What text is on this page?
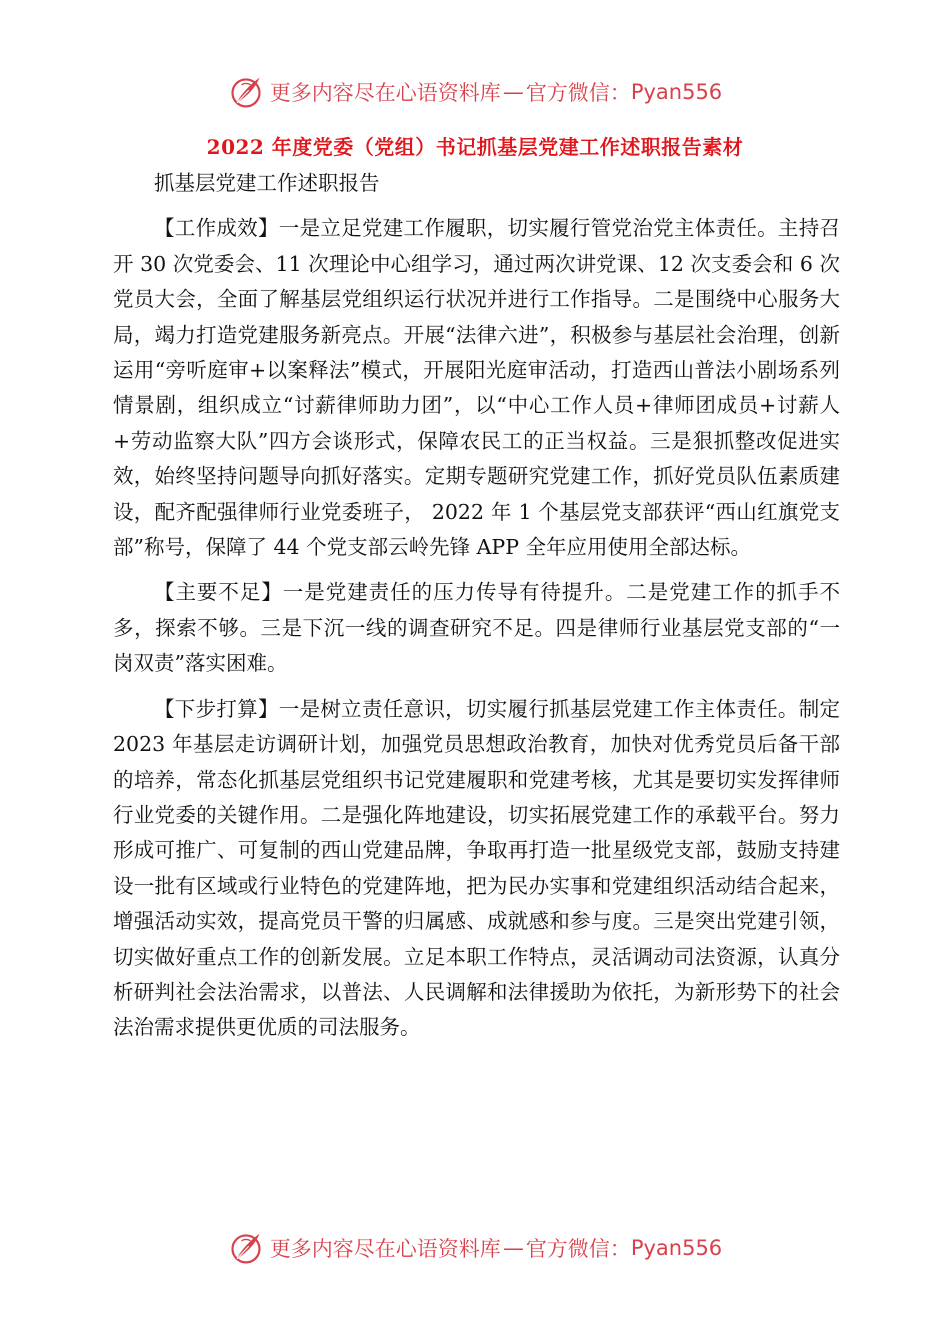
更多内容尽在心语资料库 — 官方微信： Pyan556
2022 年度党委（党组）书记抓基层党建工作述职报告素材

抓基层党建工作述职报告

【工作成效】一是立足党建工作履职，切实履行管党治党主体责任。主持召开 30 次党委会、11 次理论中心组学习，通过两次讲党课、12 次支委会和 6 次党员大会，全面了解基层党组织运行状况并进行工作指导。二是围绕中心服务大局，竭力打造党建服务新亮点。开展“法律六进”，积极参与基层社会治理，创新运用“旁听庭审+以案释法”模式，开展阳光庭审活动，打造西山普法小剧场系列情景剧，组织成立“讨薪律师助力团”，以“中心工作人员+律师团成员+讨薪人+劳动监察大队”四方会谈形式，保障农民工的正当权益。三是狠抓整改促进实效，始终坚持问题导向抓好落实。定期专题研究党建工作，抓好党员队伍素质建设，配齐配强律师行业党委班子， 2022 年 1 个基层党支部获评“西山红旗党支部”称号，保障了 44 个党支部云岭先锋 APP 全年应用使用全部达标。

【主要不足】一是党建责任的压力传导有待提升。二是党建工作的抓手不多，探索不够。三是下沉一线的调查研究不足。四是律师行业基层党支部的“一岗双责”落实困难。

【下步打算】一是树立责任意识，切实履行抓基层党建工作主体责任。制定 2023 年基层走访调研计划，加强党员思想政治教育，加快对优秀党员后备干部的培养，常态化抓基层党组织书记党建履职和党建考核，尤其是要切实发挥律师行业党委的关键作用。二是强化阵地建设，切实拓展党建工作的承载平台。努力形成可推广、可复制的西山党建品牌，争取再打造一批星级党支部，鼓励支持建设一批有区域或行业特色的党建阵地，把为民办实事和党建组织活动结合起来，增强活动实效，提高党员干警的归属感、成就感和参与度。三是突出党建引领，切实做好重点工作的创新发展。立足本职工作特点，灵活调动司法资源，认真分析研判社会法治需求，以普法、人民调解和法律援助为依托，为新形势下的社会法治需求提供更优质的司法服务。

更多内容尽在心语资料库 — 官方微信： Pyan556
